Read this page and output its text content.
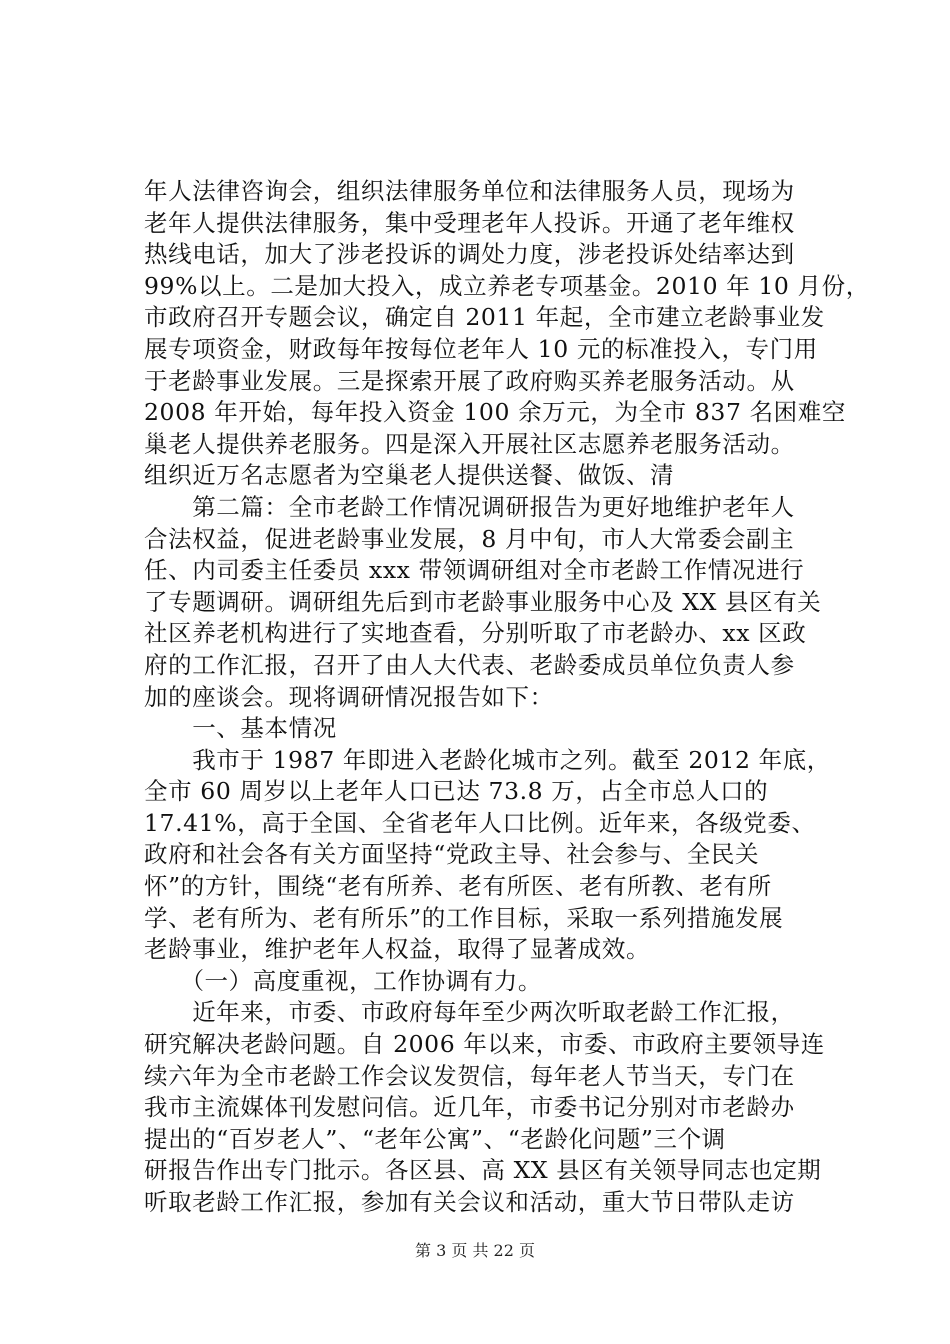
年人法律咨询会，组织法律服务单位和法律服务人员，现场为
老年人提供法律服务，集中受理老年人投诉。开通了老年维权
热线电话，加大了涉老投诉的调处力度，涉老投诉处结率达到
99%以上。二是加大投入，成立养老专项基金。2010 年 10 月份，
市政府召开专题会议，确定自 2011 年起，全市建立老龄事业发
展专项资金，财政每年按每位老年人 10 元的标准投入，专门用
于老龄事业发展。三是探索开展了政府购买养老服务活动。从
2008 年开始，每年投入资金 100 余万元，为全市 837 名困难空
巢老人提供养老服务。四是深入开展社区志愿养老服务活动。
组织近万名志愿者为空巢老人提供送餐、做饭、清
　　第二篇：全市老龄工作情况调研报告为更好地维护老年人
合法权益，促进老龄事业发展，8 月中旬，市人大常委会副主
任、内司委主任委员 xxx 带领调研组对全市老龄工作情况进行
了专题调研。调研组先后到市老龄事业服务中心及 XX 县区有关
社区养老机构进行了实地查看，分别听取了市老龄办、xx 区政
府的工作汇报，召开了由人大代表、老龄委成员单位负责人参
加的座谈会。现将调研情况报告如下：
　　一、基本情况
　　我市于 1987 年即进入老龄化城市之列。截至 2012 年底，
全市 60 周岁以上老年人口已达 73.8 万，占全市总人口的
17.41%，高于全国、全省老年人口比例。近年来，各级党委、
政府和社会各有关方面坚持“党政主导、社会参与、全民关
怀”的方针，围绕“老有所养、老有所医、老有所教、老有所
学、老有所为、老有所乐”的工作目标，采取一系列措施发展
老龄事业，维护老年人权益，取得了显著成效。
　　（一）高度重视，工作协调有力。
　　近年来，市委、市政府每年至少两次听取老龄工作汇报，
研究解决老龄问题。自 2006 年以来，市委、市政府主要领导连
续六年为全市老龄工作会议发贺信，每年老人节当天，专门在
我市主流媒体刊发慰问信。近几年，市委书记分别对市老龄办
提出的“百岁老人”、“老年公寓”、“老龄化问题”三个调
研报告作出专门批示。各区县、高 XX 县区有关领导同志也定期
听取老龄工作汇报，参加有关会议和活动，重大节日带队走访
第 3 页 共 22 页
